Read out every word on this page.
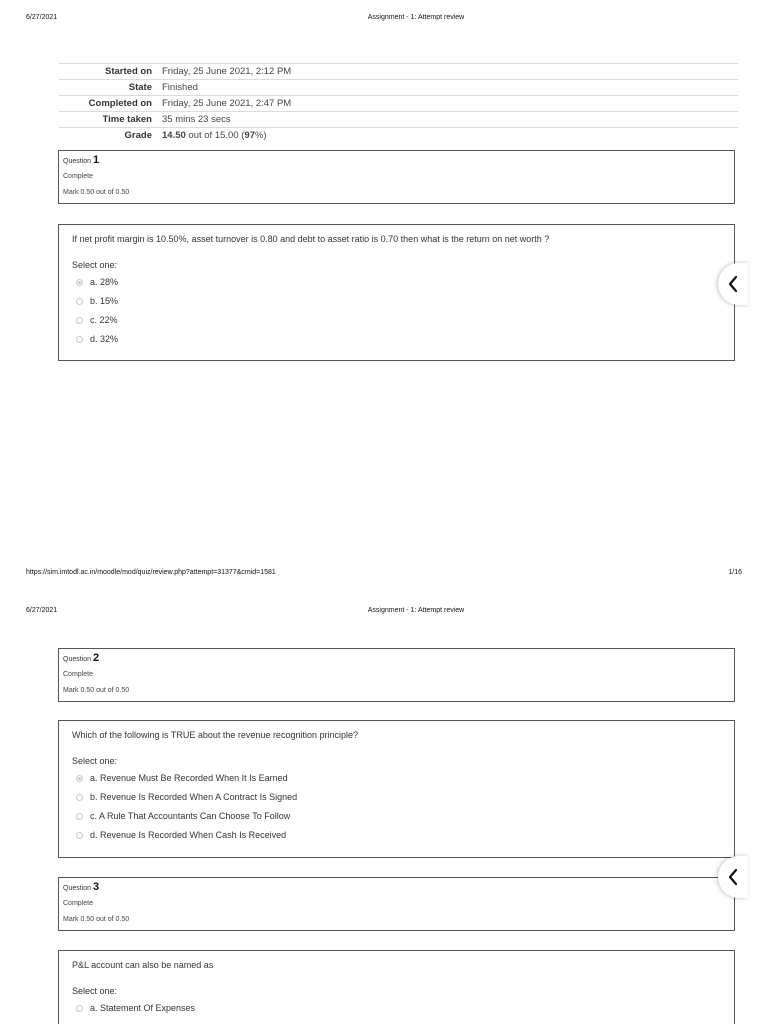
6/27/2021	Assignment - 1: Attempt review
Started on	Friday, 25 June 2021, 2:12 PM
State	Finished
Completed on	Friday, 25 June 2021, 2:47 PM
Time taken	35 mins 23 secs
Grade	14.50 out of 15.00 (97%)
Question 1
Complete
Mark 0.50 out of 0.50
If net profit margin is 10.50%, asset turnover is 0.80 and debt to asset ratio is 0.70 then what is the return on net worth ?
Select one:
a. 28%
b. 15%
c. 22%
d. 32%
https://sim.imtodl.ac.in/moodle/mod/quiz/review.php?attempt=31377&cmid=1581	1/16
6/27/2021	Assignment - 1: Attempt review
Question 2
Complete
Mark 0.50 out of 0.50
Which of the following is TRUE about the revenue recognition principle?
Select one:
a. Revenue Must Be Recorded When It Is Earned
b. Revenue Is Recorded When A Contract Is Signed
c. A Rule That Accountants Can Choose To Follow
d. Revenue Is Recorded When Cash Is Received
Question 3
Complete
Mark 0.50 out of 0.50
P&L account can also be named as
Select one:
a. Statement Of Expenses
